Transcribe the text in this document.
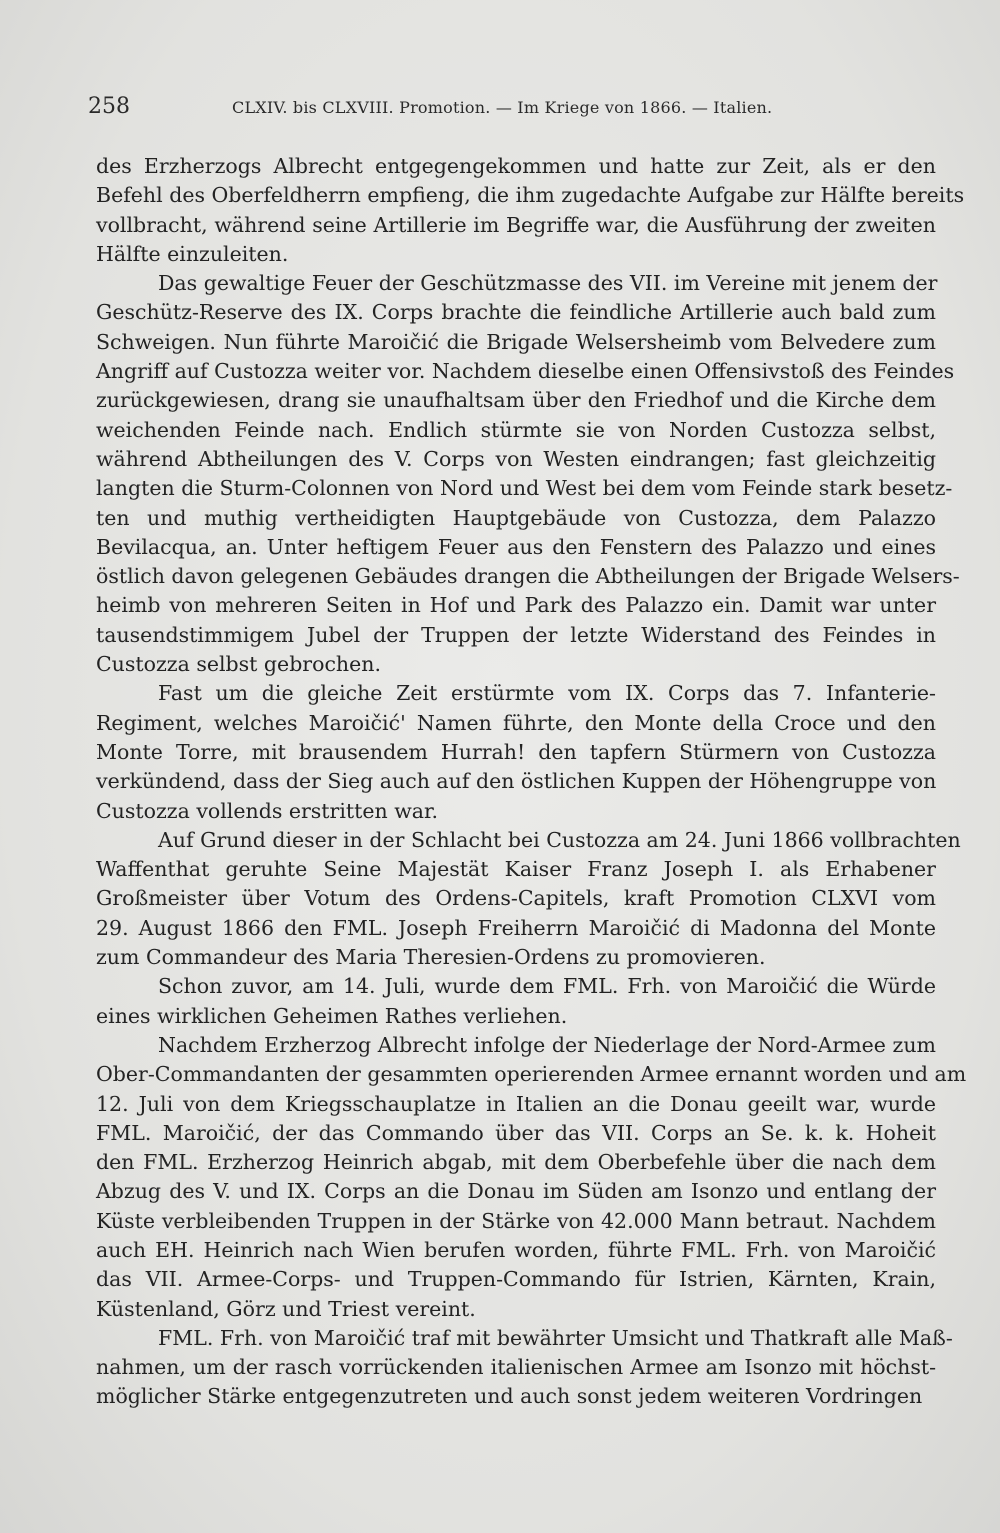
258	CLXIV. bis CLXVIII. Promotion. — Im Kriege von 1866. — Italien.
des Erzherzogs Albrecht entgegengekommen und hatte zur Zeit, als er den
Befehl des Oberfeldherrn empfieng, die ihm zugedachte Aufgabe zur Hälfte bereits
vollbracht, während seine Artillerie im Begriffe war, die Ausführung der zweiten
Hälfte einzuleiten.
Das gewaltige Feuer der Geschützmasse des VII. im Vereine mit jenem der
Geschütz-Reserve des IX. Corps brachte die feindliche Artillerie auch bald zum
Schweigen. Nun führte Maroičić die Brigade Welsersheimb vom Belvedere zum
Angriff auf Custozza weiter vor. Nachdem dieselbe einen Offensivstoß des Feindes
zurückgewiesen, drang sie unaufhaltsam über den Friedhof und die Kirche dem
weichenden Feinde nach. Endlich stürmte sie von Norden Custozza selbst,
während Abtheilungen des V. Corps von Westen eindrangen; fast gleichzeitig
langten die Sturm-Colonnen von Nord und West bei dem vom Feinde stark besetz-
ten und muthig vertheidigten Hauptgebäude von Custozza, dem Palazzo
Bevilacqua, an. Unter heftigem Feuer aus den Fenstern des Palazzo und eines
östlich davon gelegenen Gebäudes drangen die Abtheilungen der Brigade Welsers-
heimb von mehreren Seiten in Hof und Park des Palazzo ein. Damit war unter
tausendstimmigem Jubel der Truppen der letzte Widerstand des Feindes in
Custozza selbst gebrochen.
Fast um die gleiche Zeit erstürmte vom IX. Corps das 7. Infanterie-
Regiment, welches Maroičić' Namen führte, den Monte della Croce und den
Monte Torre, mit brausendem Hurrah! den tapfern Stürmern von Custozza
verkündend, dass der Sieg auch auf den östlichen Kuppen der Höhengruppe von
Custozza vollends erstritten war.
Auf Grund dieser in der Schlacht bei Custozza am 24. Juni 1866 vollbrachten
Waffenthat geruhte Seine Majestät Kaiser Franz Joseph I. als Erhabener
Großmeister über Votum des Ordens-Capitels, kraft Promotion CLXVI vom
29. August 1866 den FML. Joseph Freiherrn Maroičić di Madonna del Monte
zum Commandeur des Maria Theresien-Ordens zu promovieren.
Schon zuvor, am 14. Juli, wurde dem FML. Frh. von Maroičić die Würde
eines wirklichen Geheimen Rathes verliehen.
Nachdem Erzherzog Albrecht infolge der Niederlage der Nord-Armee zum
Ober-Commandanten der gesammten operierenden Armee ernannt worden und am
12. Juli von dem Kriegsschauplatze in Italien an die Donau geeilt war, wurde
FML. Maroičić, der das Commando über das VII. Corps an Se. k. k. Hoheit
den FML. Erzherzog Heinrich abgab, mit dem Oberbefehle über die nach dem
Abzug des V. und IX. Corps an die Donau im Süden am Isonzo und entlang der
Küste verbleibenden Truppen in der Stärke von 42.000 Mann betraut. Nachdem
auch EH. Heinrich nach Wien berufen worden, führte FML. Frh. von Maroičić
das VII. Armee-Corps- und Truppen-Commando für Istrien, Kärnten, Krain,
Küstenland, Görz und Triest vereint.
FML. Frh. von Maroičić traf mit bewährter Umsicht und Thatkraft alle Maß-
nahmen, um der rasch vorrückenden italienischen Armee am Isonzo mit höchst-
möglicher Stärke entgegenzutreten und auch sonst jedem weiteren Vordringen
